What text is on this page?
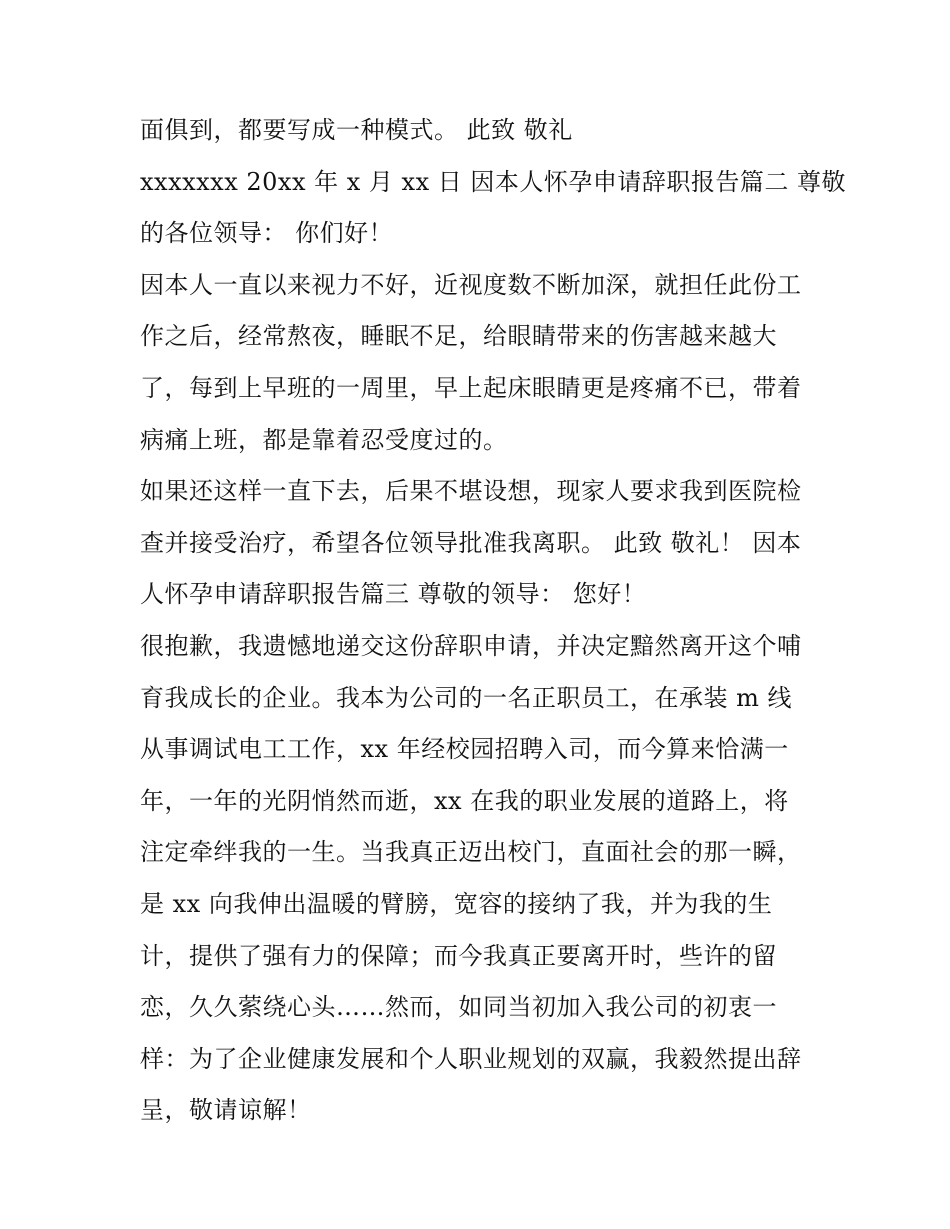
面俱到，都要写成一种模式。 此致 敬礼
xxxxxxx 20xx 年 x 月 xx 日 因本人怀孕申请辞职报告篇二 尊敬
的各位领导： 你们好！
因本人一直以来视力不好，近视度数不断加深，就担任此份工
作之后，经常熬夜，睡眠不足，给眼睛带来的伤害越来越大
了，每到上早班的一周里，早上起床眼睛更是疼痛不已，带着
病痛上班，都是靠着忍受度过的。
如果还这样一直下去，后果不堪设想，现家人要求我到医院检
查并接受治疗，希望各位领导批准我离职。 此致 敬礼！ 因本
人怀孕申请辞职报告篇三 尊敬的领导： 您好！
很抱歉，我遗憾地递交这份辞职申请，并决定黯然离开这个哺
育我成长的企业。我本为公司的一名正职员工，在承装 m 线
从事调试电工工作，xx 年经校园招聘入司，而今算来恰满一
年，一年的光阴悄然而逝，xx 在我的职业发展的道路上，将
注定牵绊我的一生。当我真正迈出校门，直面社会的那一瞬，
是 xx 向我伸出温暖的臂膀，宽容的接纳了我，并为我的生
计，提供了强有力的保障；而今我真正要离开时，些许的留
恋，久久萦绕心头……然而，如同当初加入我公司的初衷一
样：为了企业健康发展和个人职业规划的双赢，我毅然提出辞
呈，敬请谅解！
